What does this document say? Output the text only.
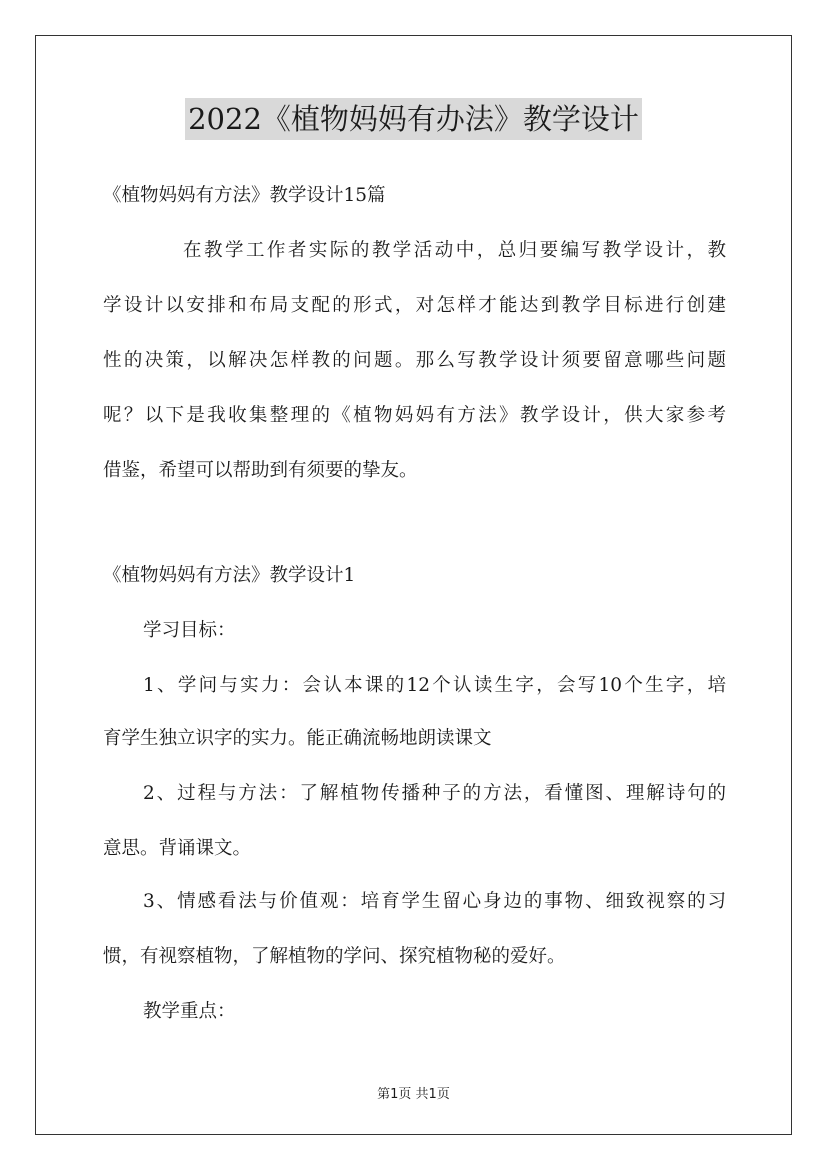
2022《植物妈妈有办法》教学设计
《植物妈妈有方法》教学设计15篇
在教学工作者实际的教学活动中，总归要编写教学设计，教
学设计以安排和布局支配的形式，对怎样才能达到教学目标进行创建
性的决策，以解决怎样教的问题。那么写教学设计须要留意哪些问题
呢？以下是我收集整理的《植物妈妈有方法》教学设计，供大家参考
借鉴，希望可以帮助到有须要的挚友。
《植物妈妈有方法》教学设计1
学习目标：
1、学问与实力：会认本课的12个认读生字，会写10个生字，培
育学生独立识字的实力。能正确流畅地朗读课文
2、过程与方法：了解植物传播种子的方法，看懂图、理解诗句的
意思。背诵课文。
3、情感看法与价值观：培育学生留心身边的事物、细致视察的习
惯，有视察植物，了解植物的学问、探究植物秘的爱好。
教学重点：
第1页 共1页
